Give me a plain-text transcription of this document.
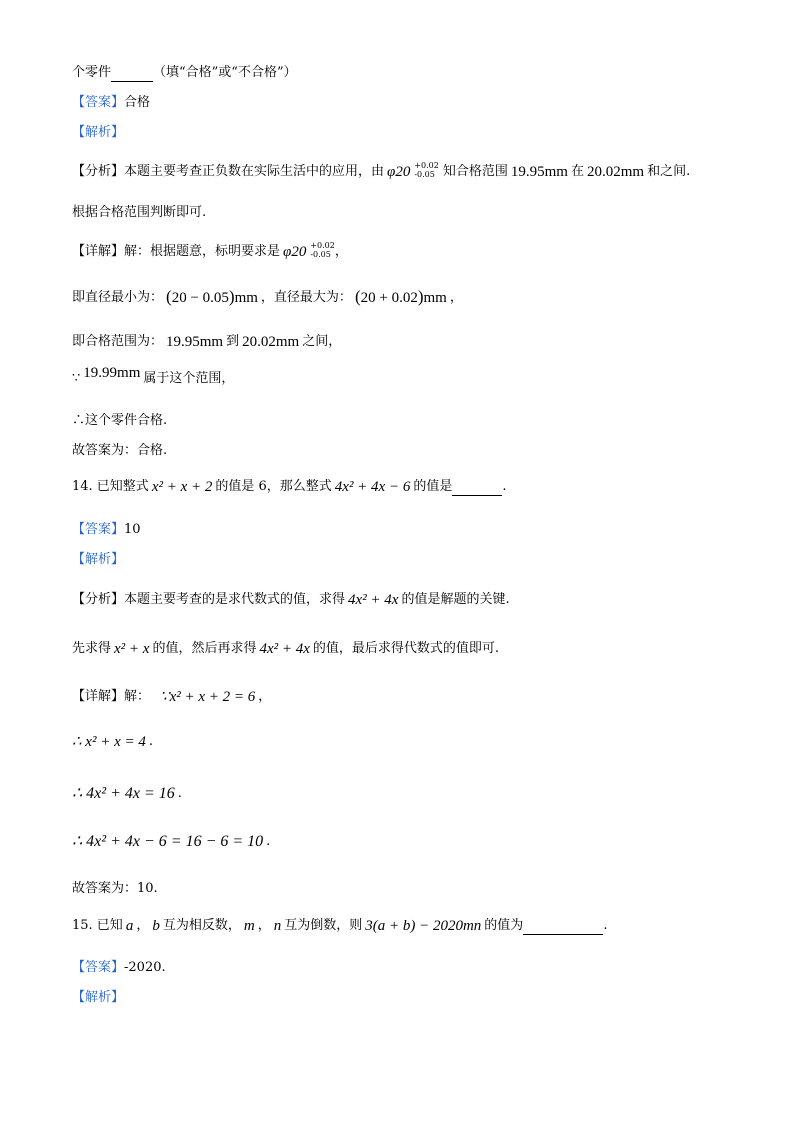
个零件	（填“合格”或“不合格”）
【答案】 合格
【解析】
【分析】 本题主要考查正负数在实际生活中的应用，由 φ20 +0.02
-0.05 知合格范围 19.95mm 在 20.02mm 和之间.
根据合格范围判断即可.
【详解】 解：根据题意，标明要求是 φ20 +0.02
-0.05 ，
即直径最小为： (20 − 0.05)mm ，直径最大为： (20 + 0.02)mm ，
即合格范围为： 19.95mm 到 20.02mm 之间，
∵ 19.99mm 属于这个范围，
∴这个零件合格.
故答案为：合格.
14. 已知整式 x² + x + 2 的值是 6，那么整式 4x² + 4x − 6 的值是	.
【答案】 10
【解析】
【分析】 本题主要考查的是求代数式的值，求得 4x² + 4x 的值是解题的关键.
先求得 x² + x 的值，然后再求得 4x² + 4x 的值，最后求得代数式的值即可.
【详解】 解： ∵x² + x + 2 = 6 ，
∴ x² + x = 4 .
∴ 4x² + 4x = 16 .
∴ 4x² + 4x − 6 = 16 − 6 = 10 .
故答案为：10.
15. 已知 a ， b 互为相反数， m ， n 互为倒数，则 3(a + b) − 2020mn 的值为	.
【答案】 -2020.
【解析】
